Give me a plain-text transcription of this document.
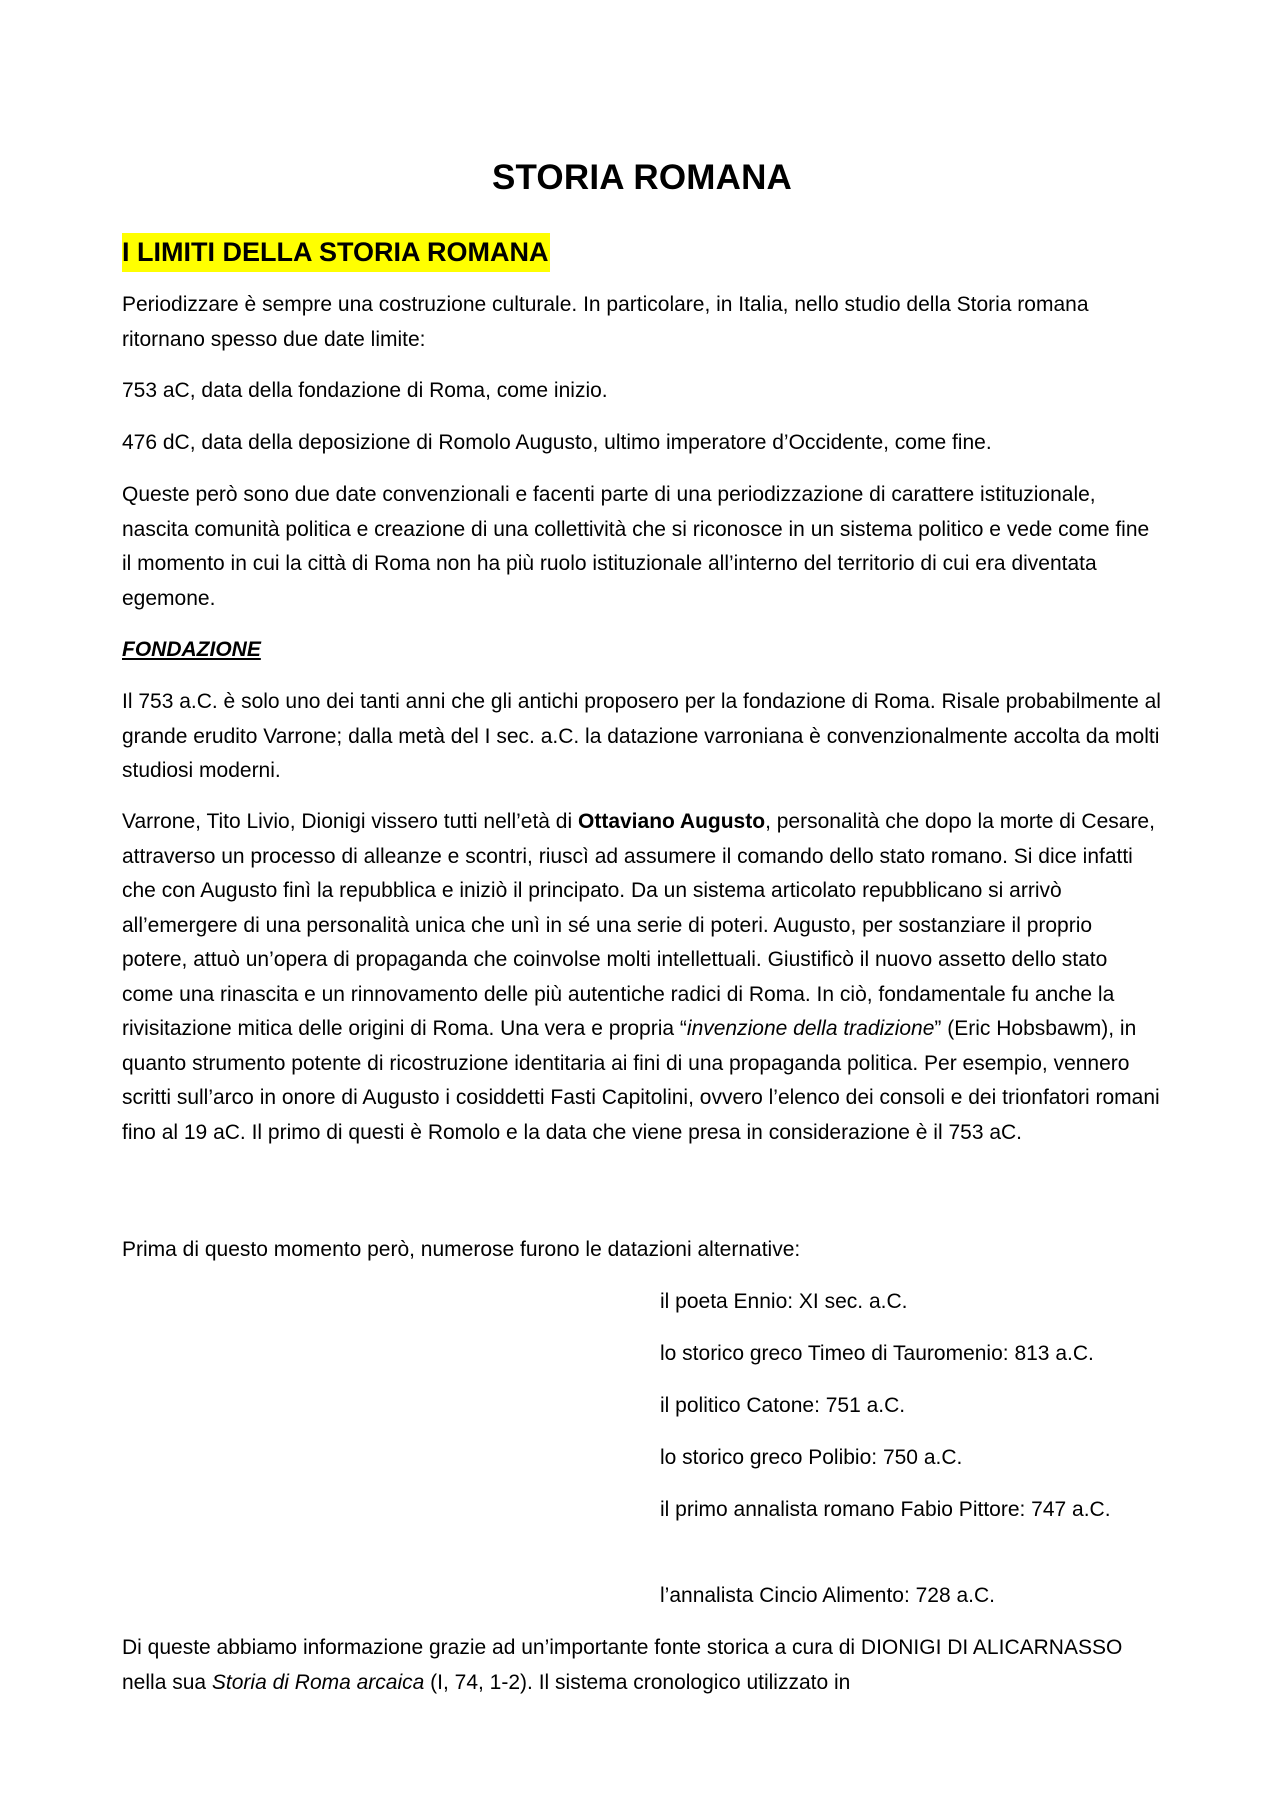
STORIA ROMANA
I LIMITI DELLA STORIA ROMANA

Periodizzare è sempre una costruzione culturale. In particolare, in Italia, nello studio della Storia romana ritornano spesso due date limite:

753 aC, data della fondazione di Roma, come inizio.

476 dC, data della deposizione di Romolo Augusto, ultimo imperatore d’Occidente, come fine.

Queste però sono due date convenzionali e facenti parte di una periodizzazione di carattere istituzionale, nascita comunità politica e creazione di una collettività che si riconosce in un sistema politico e vede come fine il momento in cui la città di Roma non ha più ruolo istituzionale all’interno del territorio di cui era diventata egemone.

FONDAZIONE

Il 753 a.C. è solo uno dei tanti anni che gli antichi proposero per la fondazione di Roma. Risale probabilmente al grande erudito Varrone; dalla metà del I sec. a.C. la datazione varroniana è convenzionalmente accolta da molti studiosi moderni.

Varrone, Tito Livio, Dionigi vissero tutti nell’età di Ottaviano Augusto, personalità che dopo la morte di Cesare, attraverso un processo di alleanze e scontri, riuscì ad assumere il comando dello stato romano. Si dice infatti che con Augusto finì la repubblica e iniziò il principato. Da un sistema articolato repubblicano si arrivò all’emergere di una personalità unica che unì in sé una serie di poteri. Augusto, per sostanziare il proprio potere, attuò un’opera di propaganda che coinvolse molti intellettuali. Giustificò il nuovo assetto dello stato come una rinascita e un rinnovamento delle più autentiche radici di Roma. In ciò, fondamentale fu anche la rivisitazione mitica delle origini di Roma. Una vera e propria “invenzione della tradizione” (Eric Hobsbawm), in quanto strumento potente di ricostruzione identitaria ai fini di una propaganda politica. Per esempio, vennero scritti sull’arco in onore di Augusto i cosiddetti Fasti Capitolini, ovvero l’elenco dei consoli e dei trionfatori romani fino al 19 aC. Il primo di questi è Romolo e la data che viene presa in considerazione è il 753 aC.

Prima di questo momento però, numerose furono le datazioni alternative:

il poeta Ennio: XI sec. a.C.

lo storico greco Timeo di Tauromenio: 813 a.C.

il politico Catone: 751 a.C.

lo storico greco Polibio: 750 a.C.

il primo annalista romano Fabio Pittore: 747 a.C.

l’annalista Cincio Alimento: 728 a.C.

Di queste abbiamo informazione grazie ad un’importante fonte storica a cura di DIONIGI DI ALICARNASSO nella sua Storia di Roma arcaica (I, 74, 1-2). Il sistema cronologico utilizzato in
